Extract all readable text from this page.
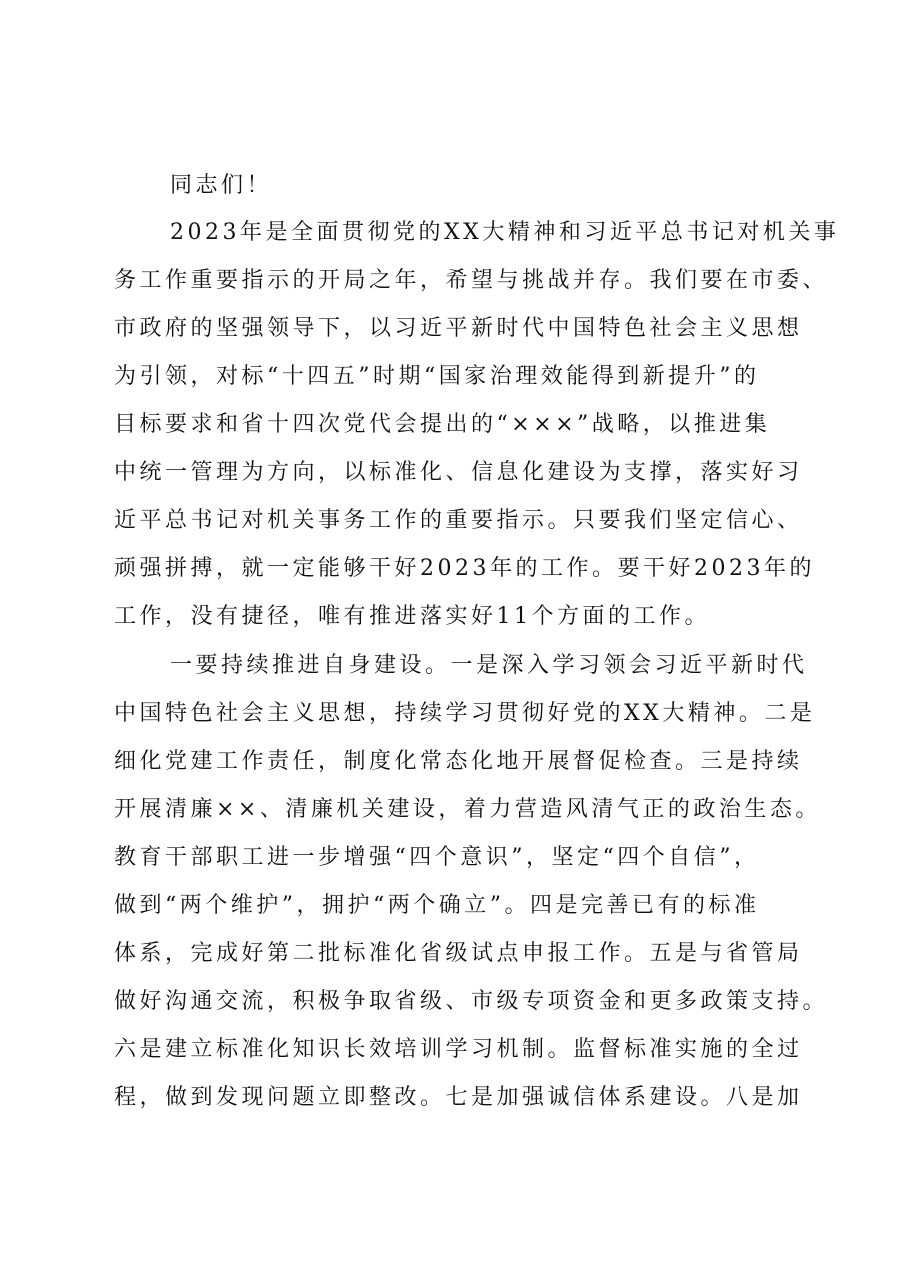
同志们！

2023年是全面贯彻党的XX大精神和习近平总书记对机关事

务工作重要指示的开局之年，希望与挑战并存。我们要在市委、

市政府的坚强领导下，以习近平新时代中国特色社会主义思想

为引领，对标“十四五”时期“国家治理效能得到新提升”的

目标要求和省十四次党代会提出的“×××”战略，以推进集

中统一管理为方向，以标准化、信息化建设为支撑，落实好习

近平总书记对机关事务工作的重要指示。只要我们坚定信心、

顽强拼搏，就一定能够干好2023年的工作。要干好2023年的

工作，没有捷径，唯有推进落实好11个方面的工作。

一要持续推进自身建设。一是深入学习领会习近平新时代

中国特色社会主义思想，持续学习贯彻好党的XX大精神。二是

细化党建工作责任，制度化常态化地开展督促检查。三是持续

开展清廉××、清廉机关建设，着力营造风清气正的政治生态。

教育干部职工进一步增强“四个意识”，坚定“四个自信”，

做到“两个维护”，拥护“两个确立”。四是完善已有的标准

体系，完成好第二批标准化省级试点申报工作。五是与省管局

做好沟通交流，积极争取省级、市级专项资金和更多政策支持。

六是建立标准化知识长效培训学习机制。监督标准实施的全过

程，做到发现问题立即整改。七是加强诚信体系建设。八是加
